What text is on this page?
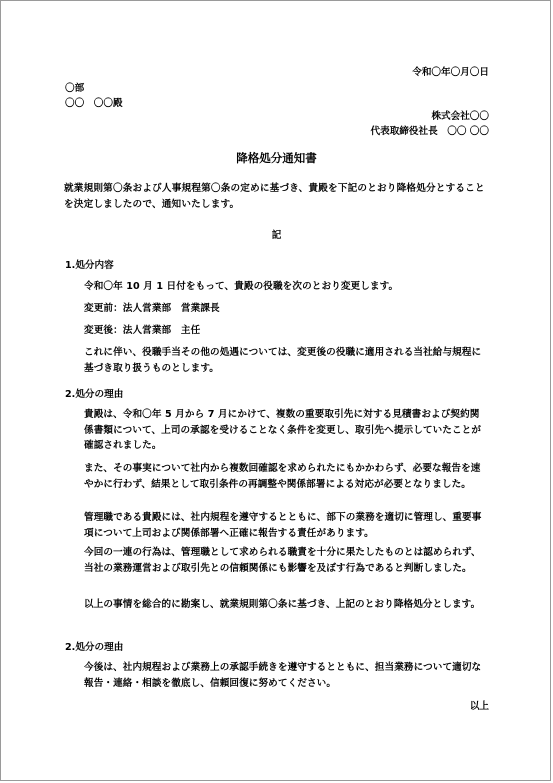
令和〇年〇月〇日
〇部
〇〇　〇〇殿
株式会社〇〇
代表取締役社長　〇〇 〇〇
降格処分通知書
就業規則第〇条および人事規程第〇条の定めに基づき、貴殿を下記のとおり降格処分とすることを決定しましたので、通知いたします。
記
1.処分内容
令和〇年 10 月 1 日付をもって、貴殿の役職を次のとおり変更します。
変更前：法人営業部　営業課長
変更後：法人営業部　主任
これに伴い、役職手当その他の処遇については、変更後の役職に適用される当社給与規程に基づき取り扱うものとします。
2.処分の理由
貴殿は、令和〇年 5 月から 7 月にかけて、複数の重要取引先に対する見積書および契約関係書類について、上司の承認を受けることなく条件を変更し、取引先へ提示していたことが確認されました。
また、その事実について社内から複数回確認を求められたにもかかわらず、必要な報告を速やかに行わず、結果として取引条件の再調整や関係部署による対応が必要となりました。
管理職である貴殿には、社内規程を遵守するとともに、部下の業務を適切に管理し、重要事項について上司および関係部署へ正確に報告する責任があります。
今回の一連の行為は、管理職として求められる職責を十分に果たしたものとは認められず、当社の業務運営および取引先との信頼関係にも影響を及ぼす行為であると判断しました。
以上の事情を総合的に勘案し、就業規則第〇条に基づき、上記のとおり降格処分とします。
2.処分の理由
今後は、社内規程および業務上の承認手続きを遵守するとともに、担当業務について適切な報告・連絡・相談を徹底し、信頼回復に努めてください。
以上
